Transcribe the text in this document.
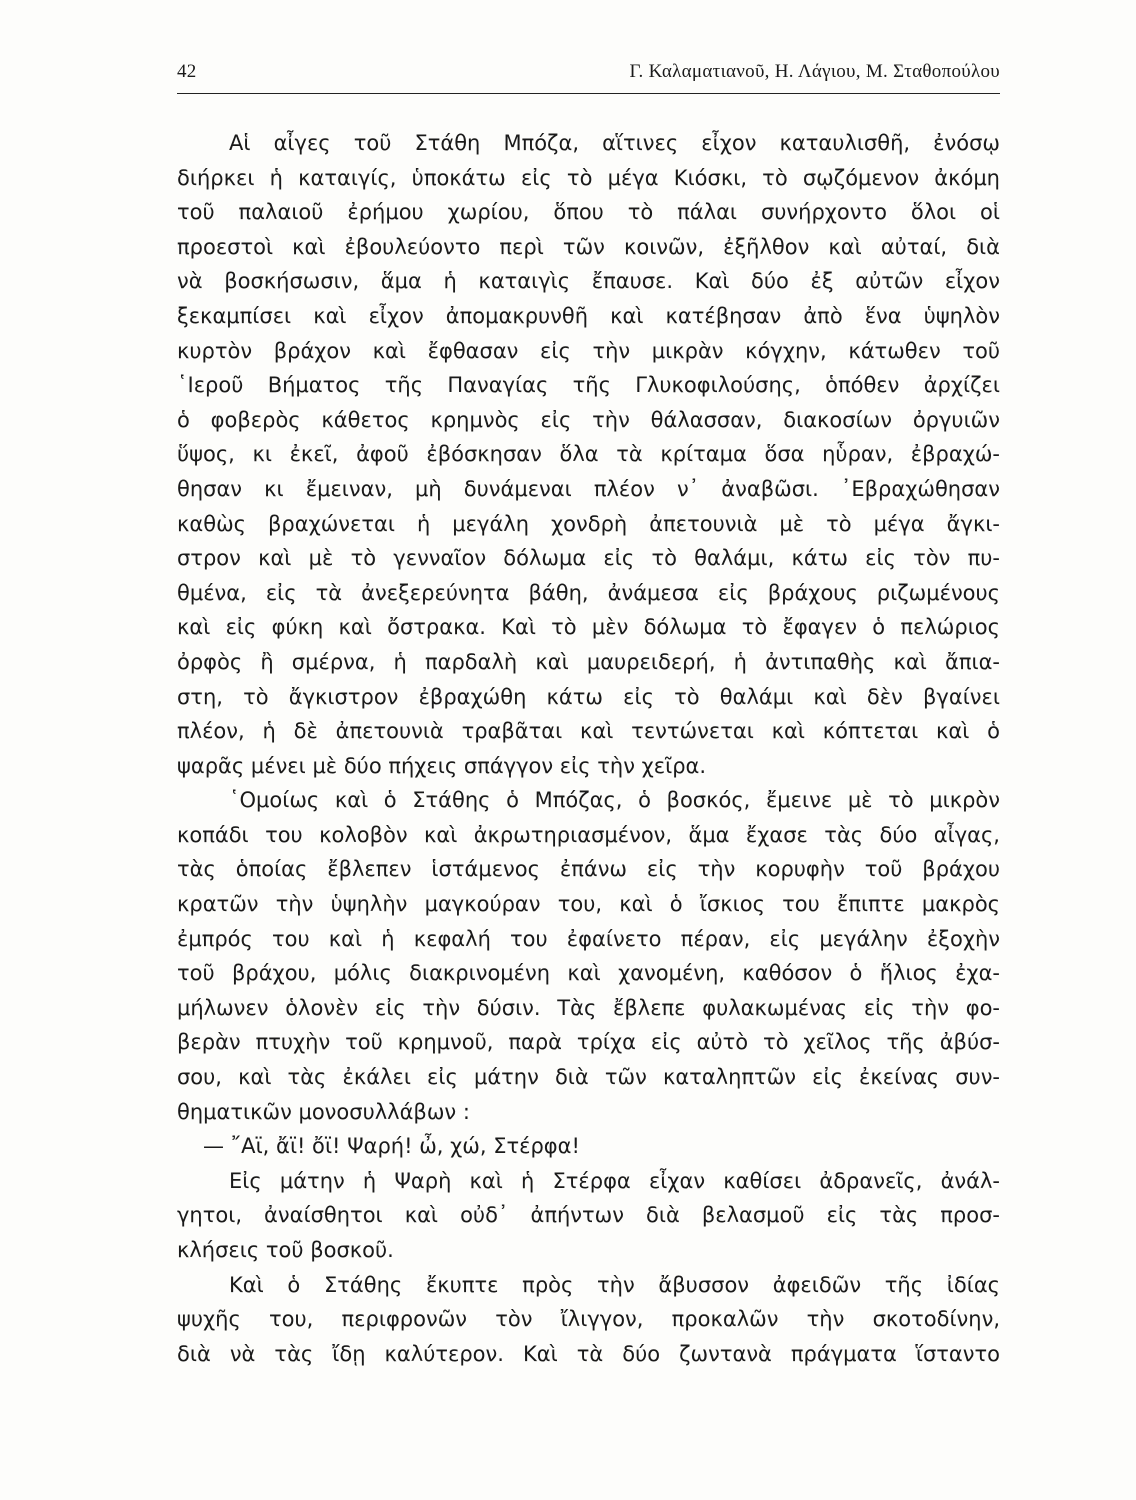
42	Γ. Καλαματιανοῦ, Η. Λάγιου, Μ. Σταθοπούλου
Αἱ αἶγες τοῦ Στάθη Μπόζα, αἵτινες εἶχον καταυλισθῆ, ἐνόσῳ
διήρκει ἡ καταιγίς, ὑποκάτω εἰς τὸ μέγα Κιόσκι, τὸ σῳζόμενον ἀκόμη
τοῦ παλαιοῦ ἐρήμου χωρίου, ὅπου τὸ πάλαι συνήρχοντο ὅλοι οἱ
προεστοὶ καὶ ἐβουλεύοντο περὶ τῶν κοινῶν, ἐξῆλθον καὶ αὐταί, διὰ
νὰ βοσκήσωσιν, ἅμα ἡ καταιγὶς ἔπαυσε. Καὶ δύο ἐξ αὐτῶν εἶχον
ξεκαμπίσει καὶ εἶχον ἀπομακρυνθῆ καὶ κατέβησαν ἀπὸ ἕνα ὑψηλὸν
κυρτὸν βράχον καὶ ἔφθασαν εἰς τὴν μικρὰν κόγχην, κάτωθεν τοῦ
῾Ιεροῦ Βήματος τῆς Παναγίας τῆς Γλυκοφιλούσης, ὁπόθεν ἀρχίζει
ὁ φοβερὸς κάθετος κρημνὸς εἰς τὴν θάλασσαν, διακοσίων ὀργυιῶν
ὕψος, κι ἐκεῖ, ἀφοῦ ἐβόσκησαν ὅλα τὰ κρίταμα ὅσα ηὗραν, ἐβραχώ-
θησαν κι ἔμειναν, μὴ δυνάμεναι πλέον ν᾽ ἀναβῶσι. ᾽Εβραχώθησαν
καθὼς βραχώνεται ἡ μεγάλη χονδρὴ ἀπετουνιὰ μὲ τὸ μέγα ἄγκι-
στρον καὶ μὲ τὸ γενναῖον δόλωμα εἰς τὸ θαλάμι, κάτω εἰς τὸν πυ-
θμένα, εἰς τὰ ἀνεξερεύνητα βάθη, ἀνάμεσα εἰς βράχους ριζωμένους
καὶ εἰς φύκη καὶ ὄστρακα. Καὶ τὸ μὲν δόλωμα τὸ ἔφαγεν ὁ πελώριος
ὀρφὸς ἢ σμέρνα, ἡ παρδαλὴ καὶ μαυρειδερή, ἡ ἀντιπαθὴς καὶ ἄπια-
στη, τὸ ἄγκιστρον ἐβραχώθη κάτω εἰς τὸ θαλάμι καὶ δὲν βγαίνει
πλέον, ἡ δὲ ἀπετουνιὰ τραβᾶται καὶ τεντώνεται καὶ κόπτεται καὶ ὁ
ψαρᾶς μένει μὲ δύο πήχεις σπάγγον εἰς τὴν χεῖρα.
῾Ομοίως καὶ ὁ Στάθης ὁ Μπόζας, ὁ βοσκός, ἔμεινε μὲ τὸ μικρὸν
κοπάδι του κολοβὸν καὶ ἀκρωτηριασμένον, ἅμα ἔχασε τὰς δύο αἶγας,
τὰς ὁποίας ἔβλεπεν ἱστάμενος ἐπάνω εἰς τὴν κορυφὴν τοῦ βράχου
κρατῶν τὴν ὑψηλὴν μαγκούραν του, καὶ ὁ ἴσκιος του ἔπιπτε μακρὸς
ἐμπρός του καὶ ἡ κεφαλή του ἐφαίνετο πέραν, εἰς μεγάλην ἐξοχὴν
τοῦ βράχου, μόλις διακρινομένη καὶ χανομένη, καθόσον ὁ ἥλιος ἐχα-
μήλωνεν ὁλονὲν εἰς τὴν δύσιν. Τὰς ἔβλεπε φυλακωμένας εἰς τὴν φο-
βερὰν πτυχὴν τοῦ κρημνοῦ, παρὰ τρίχα εἰς αὐτὸ τὸ χεῖλος τῆς ἀβύσ-
σου, καὶ τὰς ἐκάλει εἰς μάτην διὰ τῶν καταληπτῶν εἰς ἐκείνας συν-
θηματικῶν μονοσυλλάβων :
— ῎Αϊ, ἄϊ! ὄϊ! Ψαρή! ὦ, χώ, Στέρφα!
Εἰς μάτην ἡ Ψαρὴ καὶ ἡ Στέρφα εἶχαν καθίσει ἀδρανεῖς, ἀνάλ-
γητοι, ἀναίσθητοι καὶ οὐδ᾽ ἀπήντων διὰ βελασμοῦ εἰς τὰς προσ-
κλήσεις τοῦ βοσκοῦ.
Καὶ ὁ Στάθης ἔκυπτε πρὸς τὴν ἄβυσσον ἀφειδῶν τῆς ἰδίας
ψυχῆς του, περιφρονῶν τὸν ἴλιγγον, προκαλῶν τὴν σκοτοδίνην,
διὰ νὰ τὰς ἴδῃ καλύτερον. Καὶ τὰ δύο ζωντανὰ πράγματα ἵσταντο
